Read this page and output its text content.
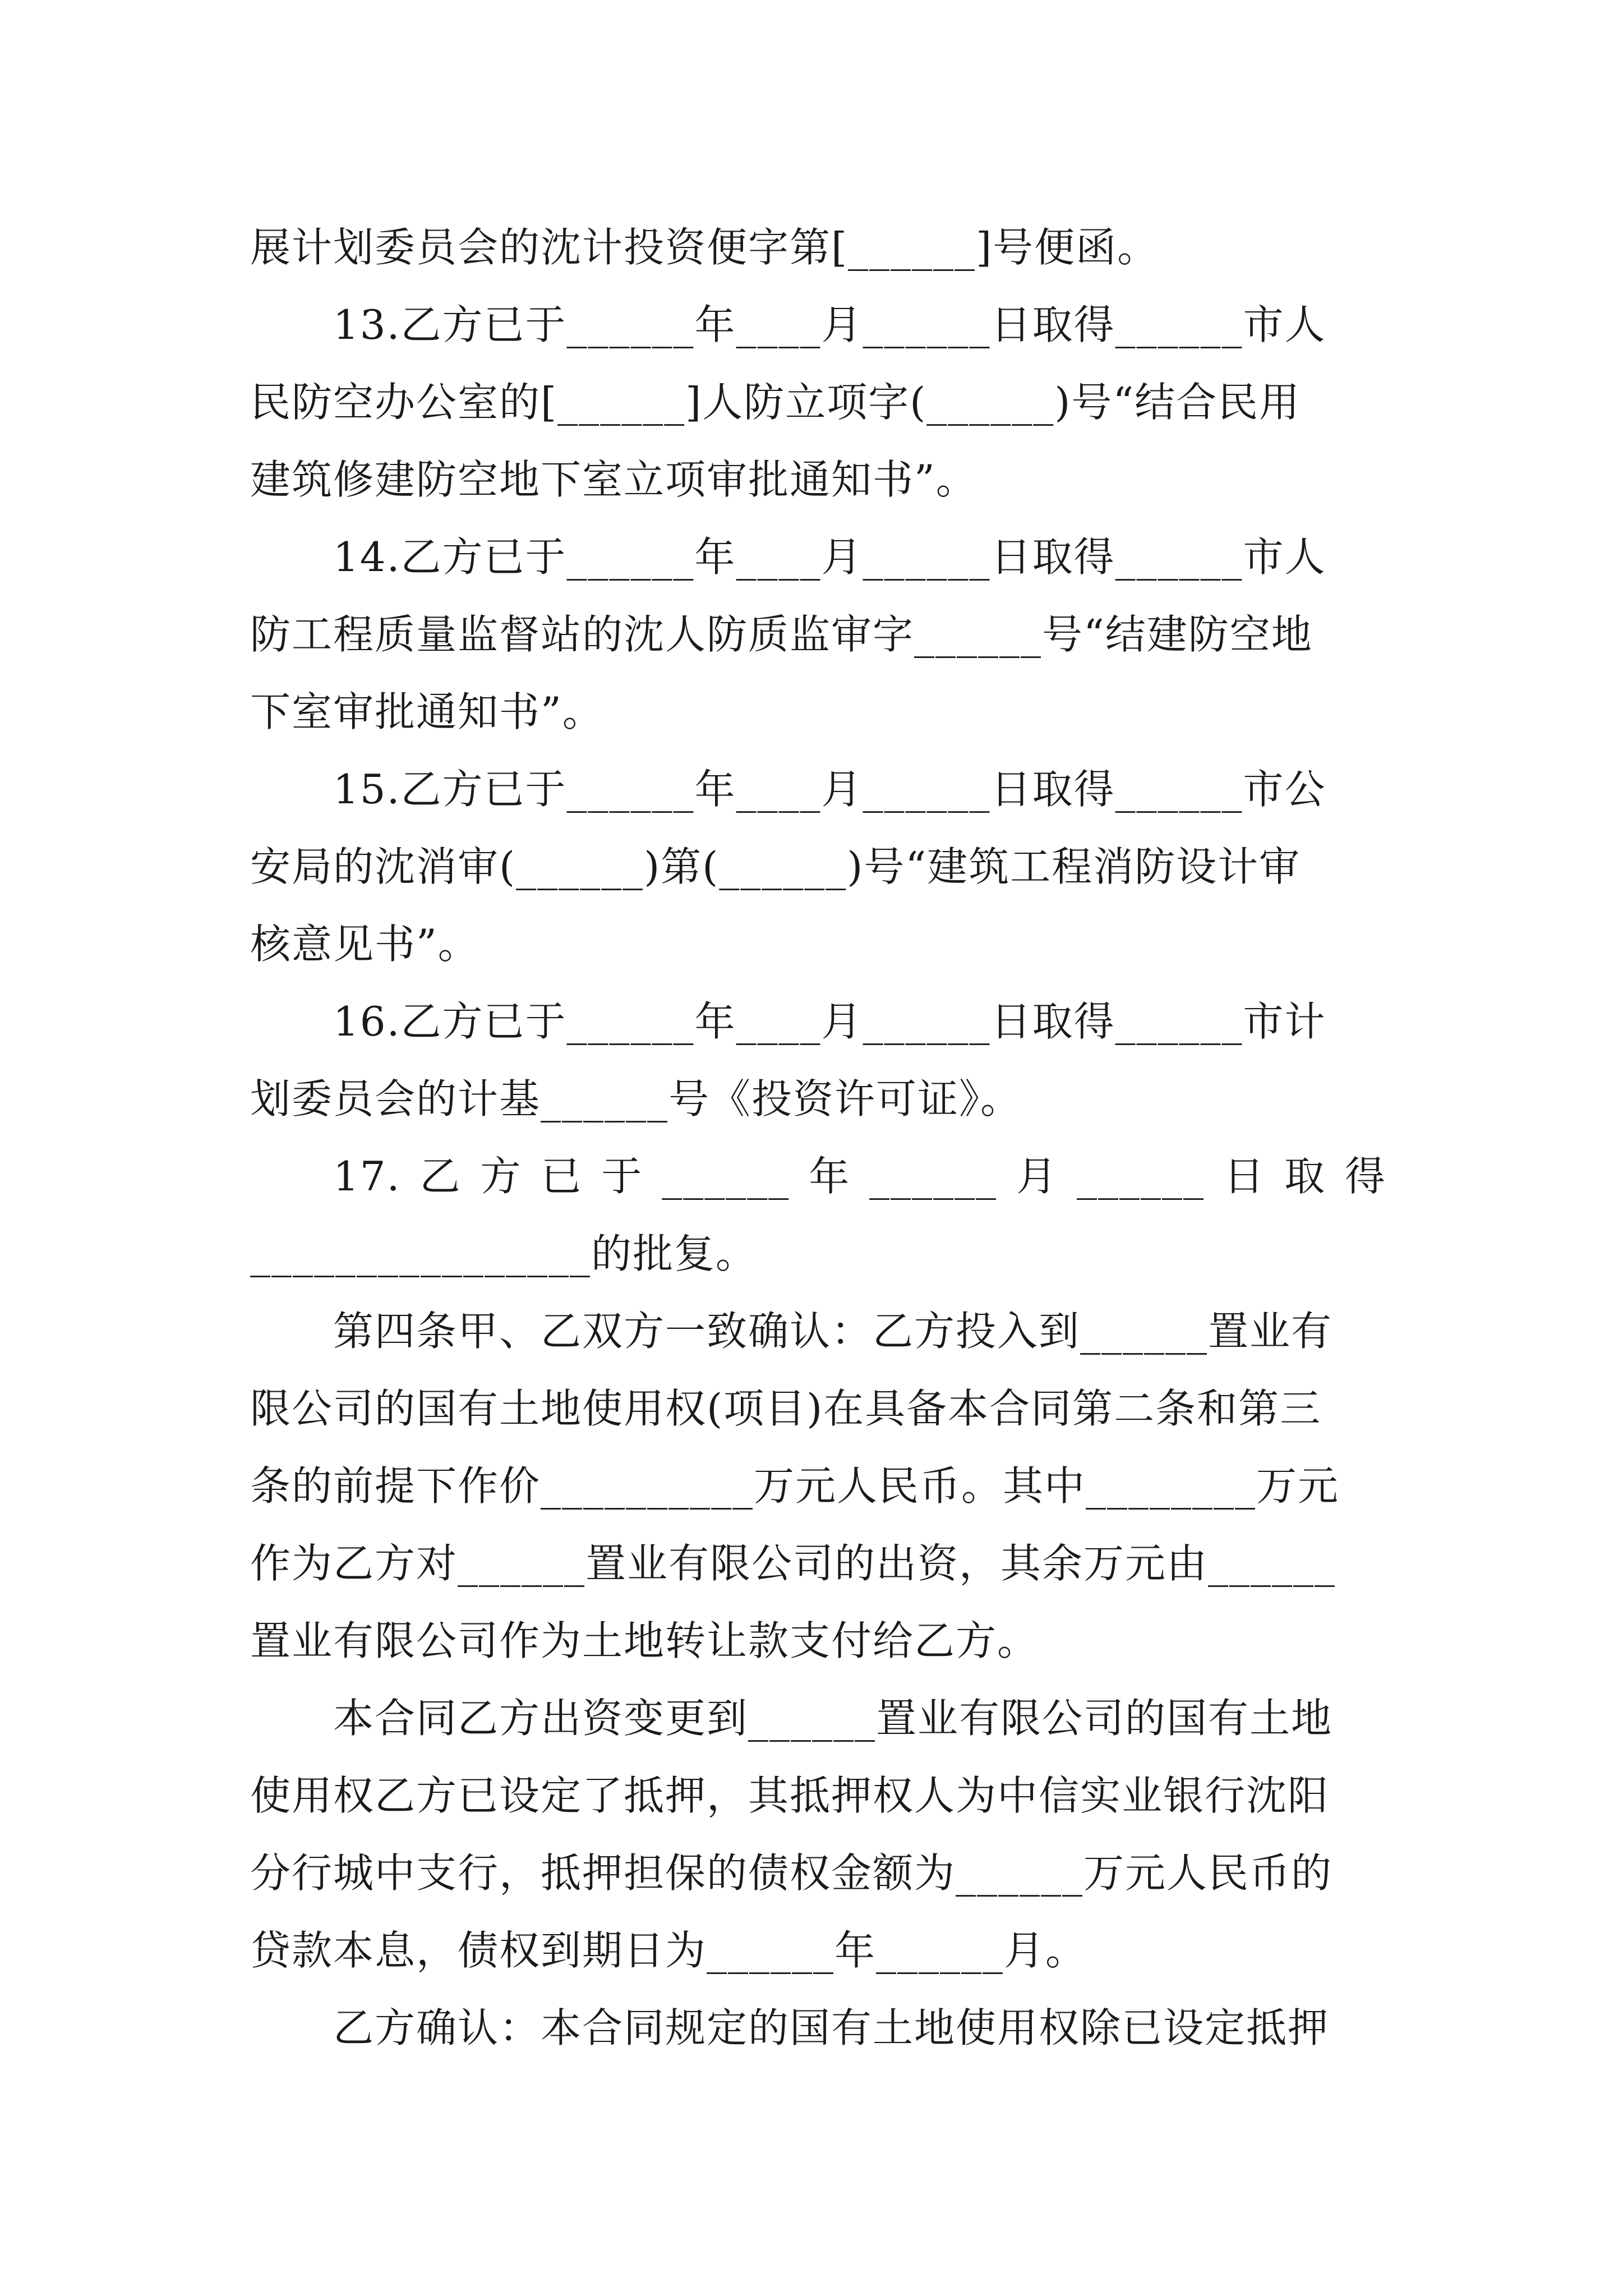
展计划委员会的沈计投资便字第[______]号便函。
　　13.乙方已于______年____月______日取得______市人
民防空办公室的[______]人防立项字(______)号“结合民用
建筑修建防空地下室立项审批通知书”。
　　14.乙方已于______年____月______日取得______市人
防工程质量监督站的沈人防质监审字______号“结建防空地
下室审批通知书”。
　　15.乙方已于______年____月______日取得______市公
安局的沈消审(______)第(______)号“建筑工程消防设计审
核意见书”。
　　16.乙方已于______年____月______日取得______市计
划委员会的计基______号《投资许可证》。
　　17. 乙 方 已 于 ______ 年 ______ 月 ______ 日 取 得
________________的批复。
　　第四条甲、乙双方一致确认：乙方投入到______置业有
限公司的国有土地使用权(项目)在具备本合同第二条和第三
条的前提下作价__________万元人民币。其中________万元
作为乙方对______置业有限公司的出资，其余万元由______
置业有限公司作为土地转让款支付给乙方。
　　本合同乙方出资变更到______置业有限公司的国有土地
使用权乙方已设定了抵押，其抵押权人为中信实业银行沈阳
分行城中支行，抵押担保的债权金额为______万元人民币的
贷款本息，债权到期日为______年______月。
　　乙方确认：本合同规定的国有土地使用权除已设定抵押
